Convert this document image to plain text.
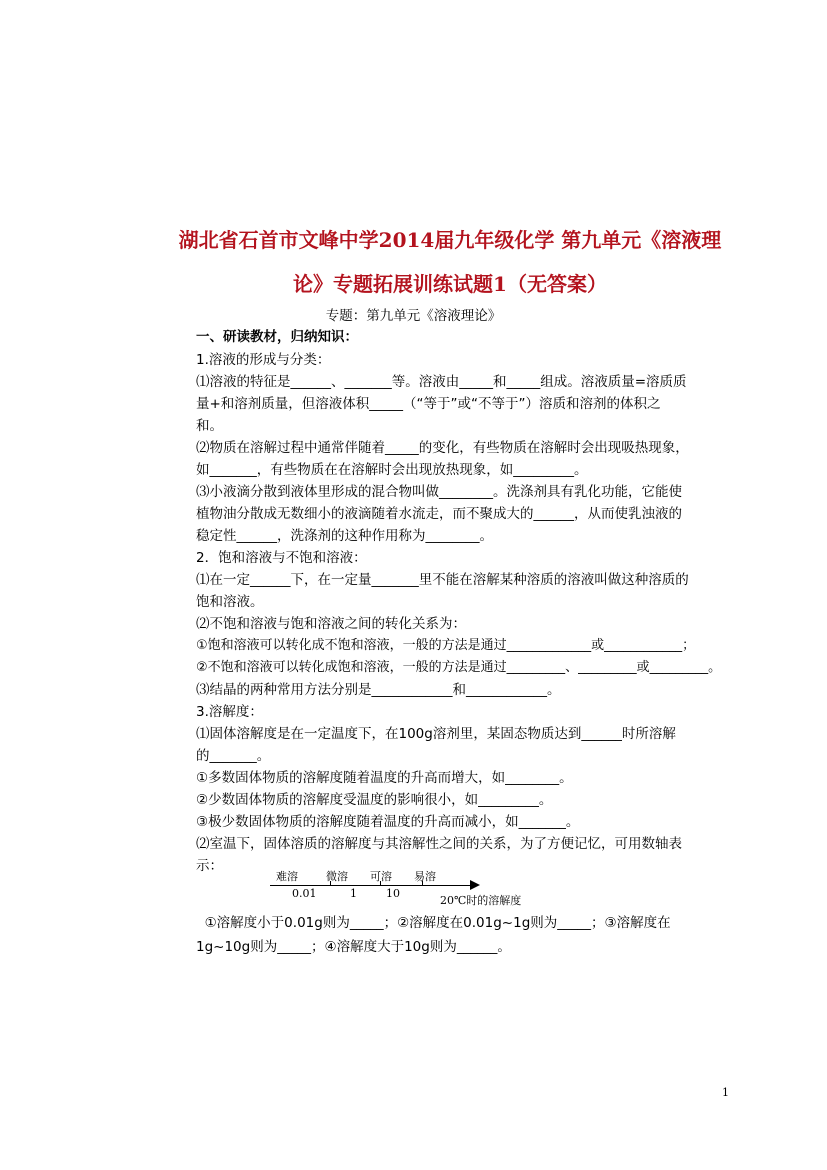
湖北省石首市文峰中学2014届九年级化学 第九单元《溶液理
论》专题拓展训练试题1（无答案）
专题：第九单元《溶液理论》
一、研读教材，归纳知识：
1.溶液的形成与分类：
⑴溶液的特征是______、_______等。溶液由_____和_____组成。溶液质量=溶质质
量+和溶剂质量，但溶液体积_____（“等于”或“不等于”）溶质和溶剂的体积之
和。
⑵物质在溶解过程中通常伴随着_____的变化，有些物质在溶解时会出现吸热现象，
如_______，有些物质在在溶解时会出现放热现象，如_________。
⑶小液滴分散到液体里形成的混合物叫做________。洗涤剂具有乳化功能，它能使
植物油分散成无数细小的液滴随着水流走，而不聚成大的______，从而使乳浊液的
稳定性______，洗涤剂的这种作用称为________。
2．饱和溶液与不饱和溶液：
⑴在一定______下，在一定量_______里不能在溶解某种溶质的溶液叫做这种溶质的
饱和溶液。
⑵不饱和溶液与饱和溶液之间的转化关系为：
①饱和溶液可以转化成不饱和溶液，一般的方法是通过_____________或____________；
②不饱和溶液可以转化成饱和溶液，一般的方法是通过_________、_________或_________。
⑶结晶的两种常用方法分别是____________和____________。
3.溶解度：
⑴固体溶解度是在一定温度下，在100g溶剂里，某固态物质达到______时所溶解
的_______。
①多数固体物质的溶解度随着温度的升高而增大，如________。
②少数固体物质的溶解度受温度的影响很小，如_________。
③极少数固体物质的溶解度随着温度的升高而减小，如_______。
⑵室温下，固体溶质的溶解度与其溶解性之间的关系，为了方便记忆，可用数轴表
示：
难溶	微溶 可溶 易溶
0.01	1	10
20℃时的溶解度
①溶解度小于0.01g则为_____；②溶解度在0.01g~1g则为_____；③溶解度在
1g~10g则为_____；④溶解度大于10g则为______。
1
